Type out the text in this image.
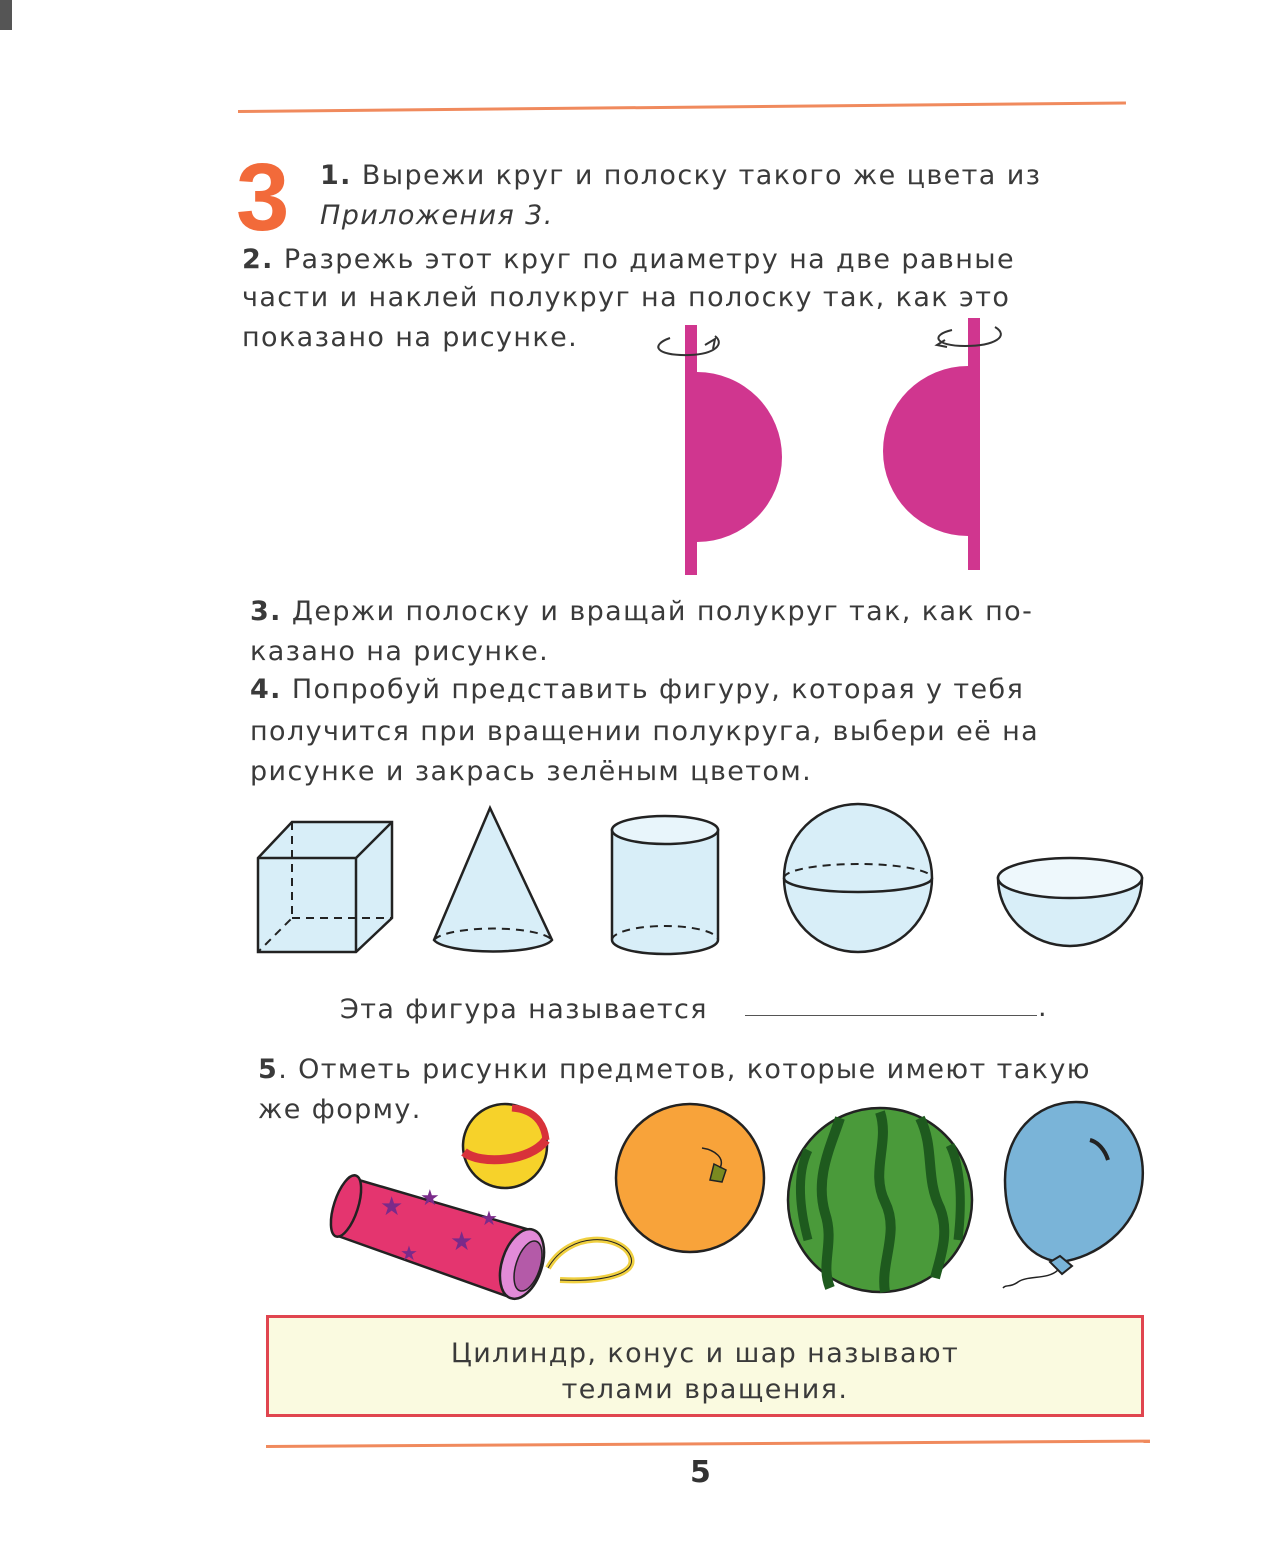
3 1. Вырежи круг и полоску такого же цвета из
Приложения 3.
2. Разрежь этот круг по диаметру на две равные
части и наклей полукруг на полоску так, как это
показано на рисунке.
3. Держи полоску и вращай полукруг так, как по-
казано на рисунке.
4. Попробуй представить фигуру, которая у тебя
получится при вращении полукруга, выбери её на
рисунке и закрась зелёным цветом.
Эта фигура называется	.
5. Отметь рисунки предметов, которые имеют такую
же форму.
★ ★
★
★
★
Цилиндр, конус и шар называют
телами вращения.
5
